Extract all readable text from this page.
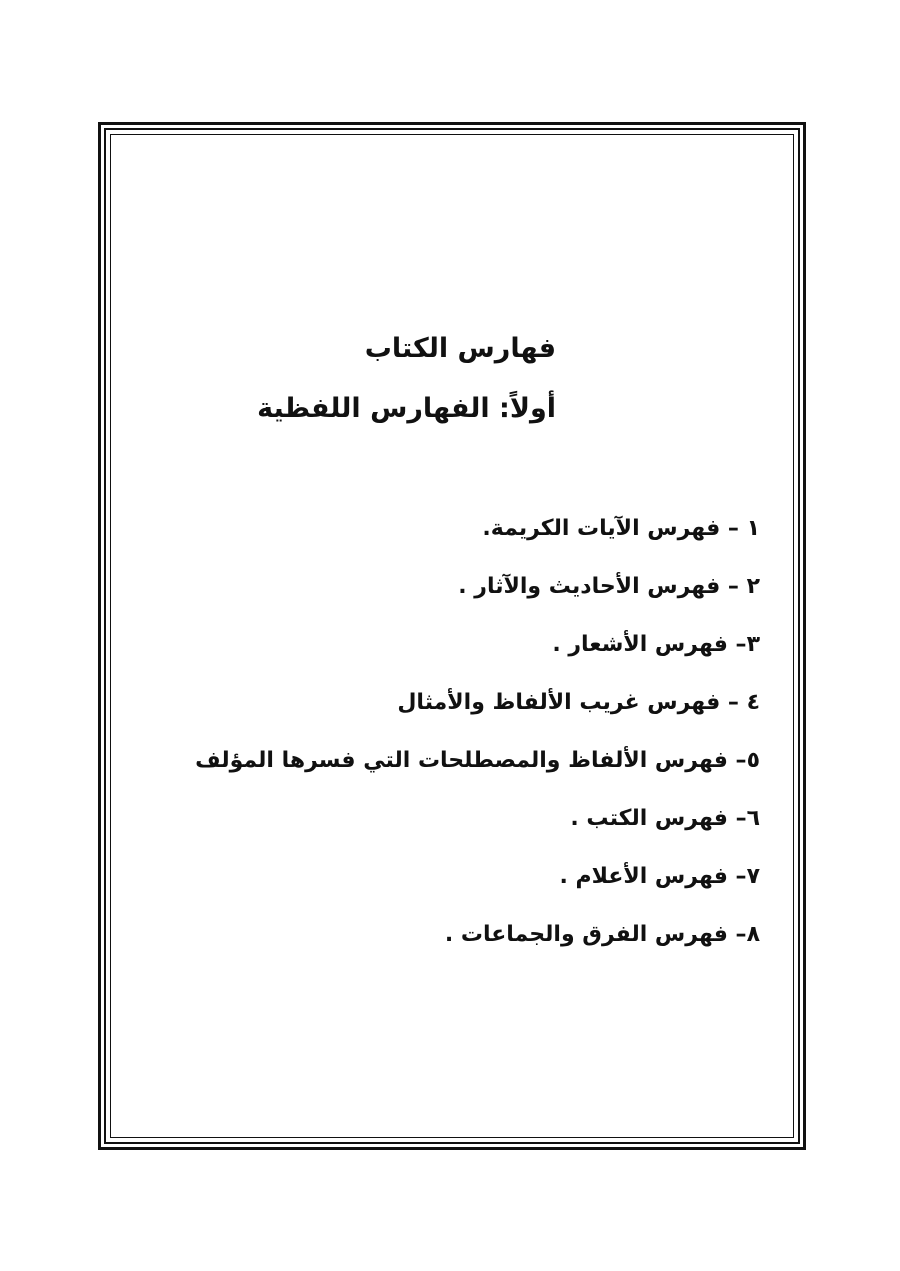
فهارس الكتاب
أولاً: الفهارس اللفظية
١ – فهرس الآيات الكريمة.
٢ – فهرس الأحاديث والآثار .
٣– فهرس الأشعار .
٤ – فهرس غريب الألفاظ والأمثال
٥– فهرس الألفاظ والمصطلحات التي فسرها المؤلف
٦– فهرس الكتب .
٧– فهرس الأعلام .
٨– فهرس الفرق والجماعات .
